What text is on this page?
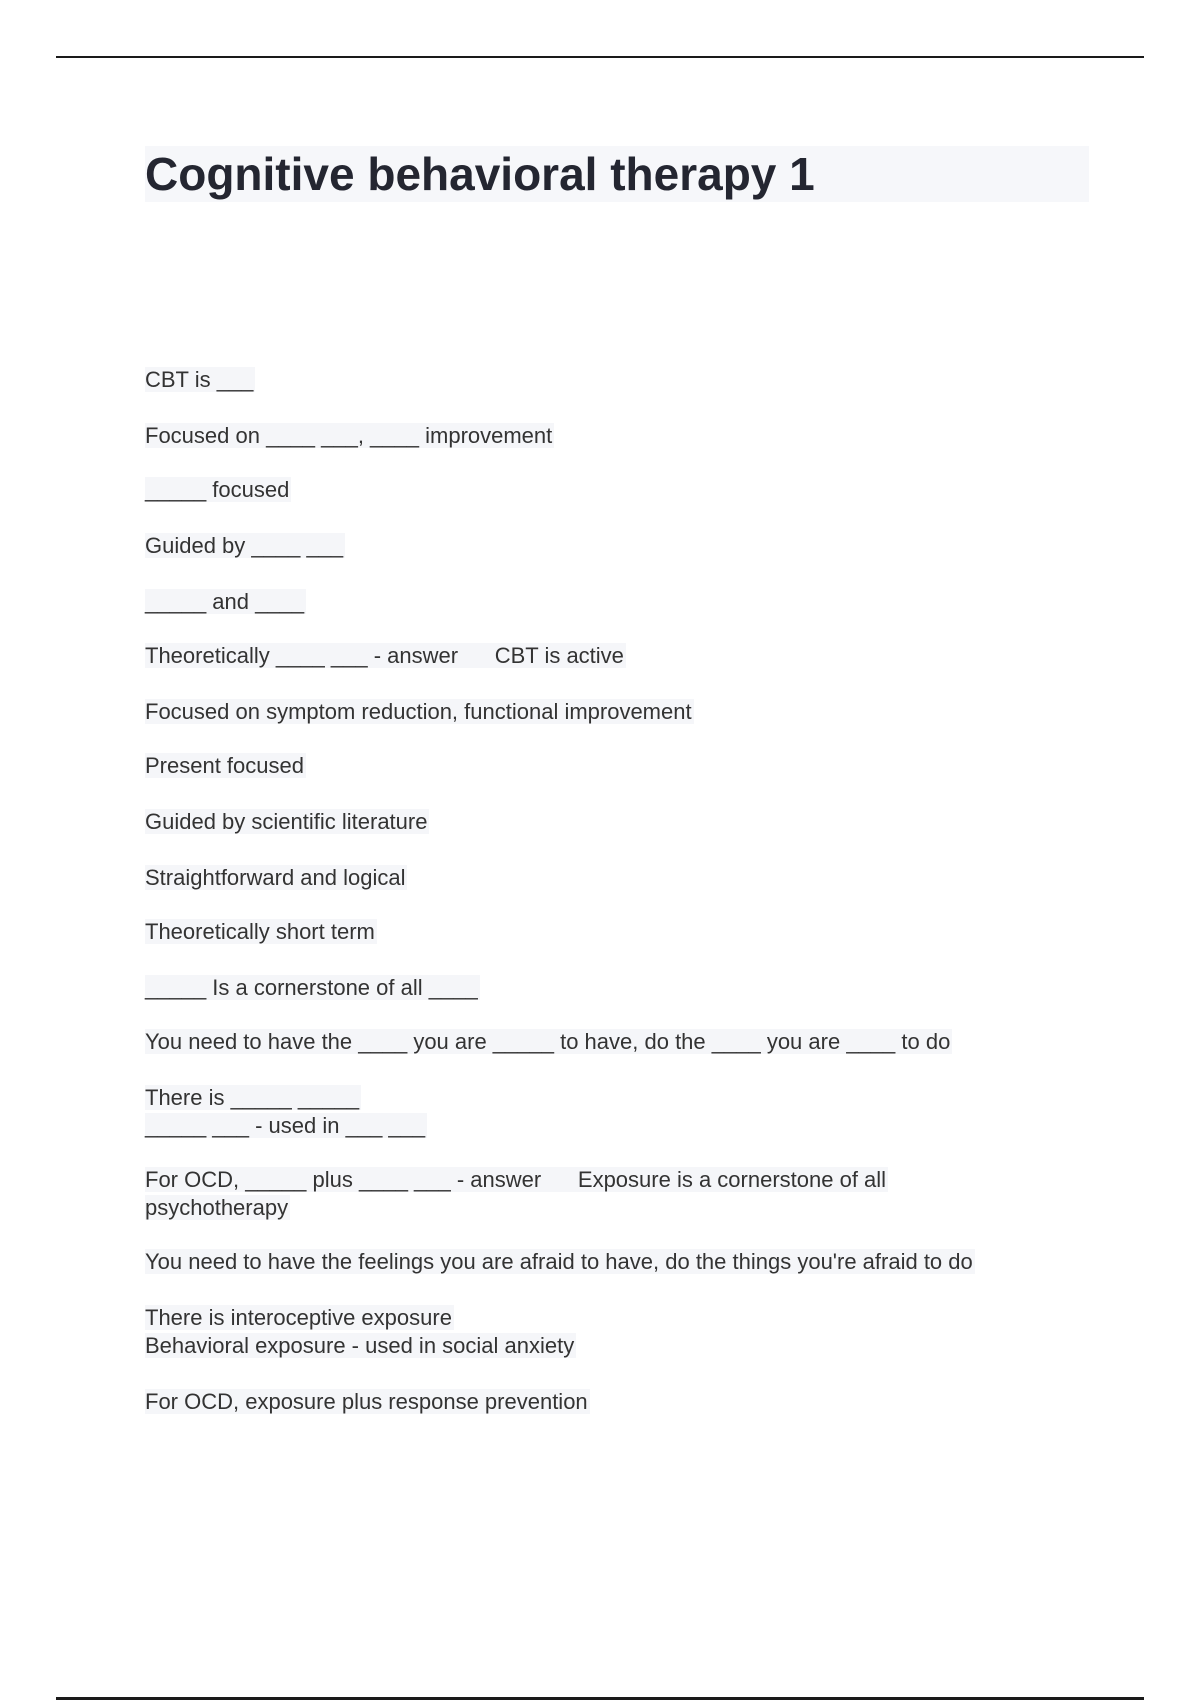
Cognitive behavioral therapy 1
CBT is ___
Focused on ____ ___, ____ improvement
_____ focused
Guided by ____ ___
_____ and ____
Theoretically ____ ___ - answer      CBT is active
Focused on symptom reduction, functional improvement
Present focused
Guided by scientific literature
Straightforward and logical
Theoretically short term
_____ Is a cornerstone of all ____
You need to have the ____ you are _____ to have, do the ____ you are ____ to do
There is _____ _____
_____ ___ - used in ___ ___
For OCD, _____ plus ____ ___ - answer      Exposure is a cornerstone of all
psychotherapy
You need to have the feelings you are afraid to have, do the things you're afraid to do
There is interoceptive exposure
Behavioral exposure - used in social anxiety
For OCD, exposure plus response prevention
